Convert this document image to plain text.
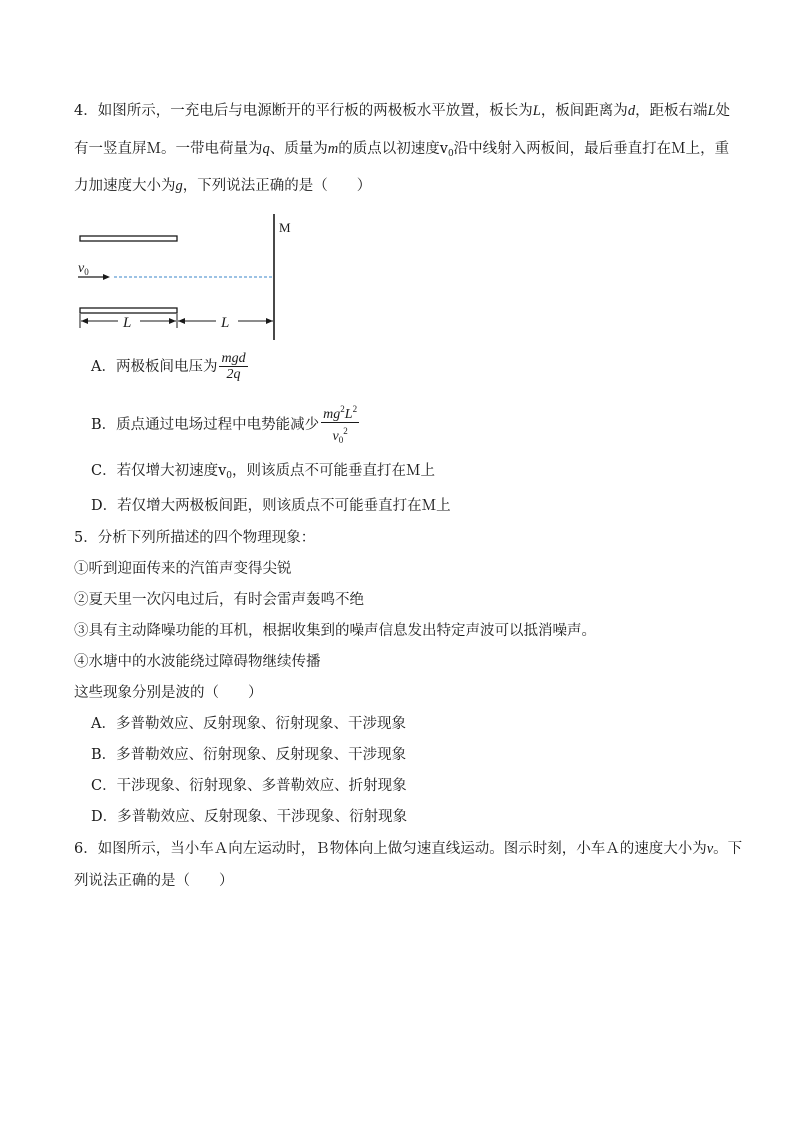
4．如图所示，一充电后与电源断开的平行板的两极板水平放置，板长为L，板间距离为d，距板右端L处
有一竖直屏Ｍ。一带电荷量为q、质量为m的质点以初速度$v_0$沿中线射入两板间，最后垂直打在Ｍ上，重
力加速度大小为g，下列说法正确的是（　　）
M
$v_0$
L	L
A．两极板间电压为 $\frac{\text{mgd}}{2q}$
B．质点通过电场过程中电势能减少 $\frac{mg^2L^2}{v_0^2}$
C．若仅增大初速度$v_0$，则该质点不可能垂直打在Ｍ上
D．若仅增大两极板间距，则该质点不可能垂直打在Ｍ上
5．分析下列所描述的四个物理现象：
①听到迎面传来的汽笛声变得尖锐
②夏天里一次闪电过后，有时会雷声轰鸣不绝
③具有主动降噪功能的耳机，根据收集到的噪声信息发出特定声波可以抵消噪声。
④水塘中的水波能绕过障碍物继续传播
这些现象分别是波的（　　）
A．多普勒效应、反射现象、衍射现象、干涉现象
B．多普勒效应、衍射现象、反射现象、干涉现象
C．干涉现象、衍射现象、多普勒效应、折射现象
D．多普勒效应、反射现象、干涉现象、衍射现象
6．如图所示，当小车Ａ向左运动时，Ｂ物体向上做匀速直线运动。图示时刻，小车Ａ的速度大小为v。下
列说法正确的是（　　）
